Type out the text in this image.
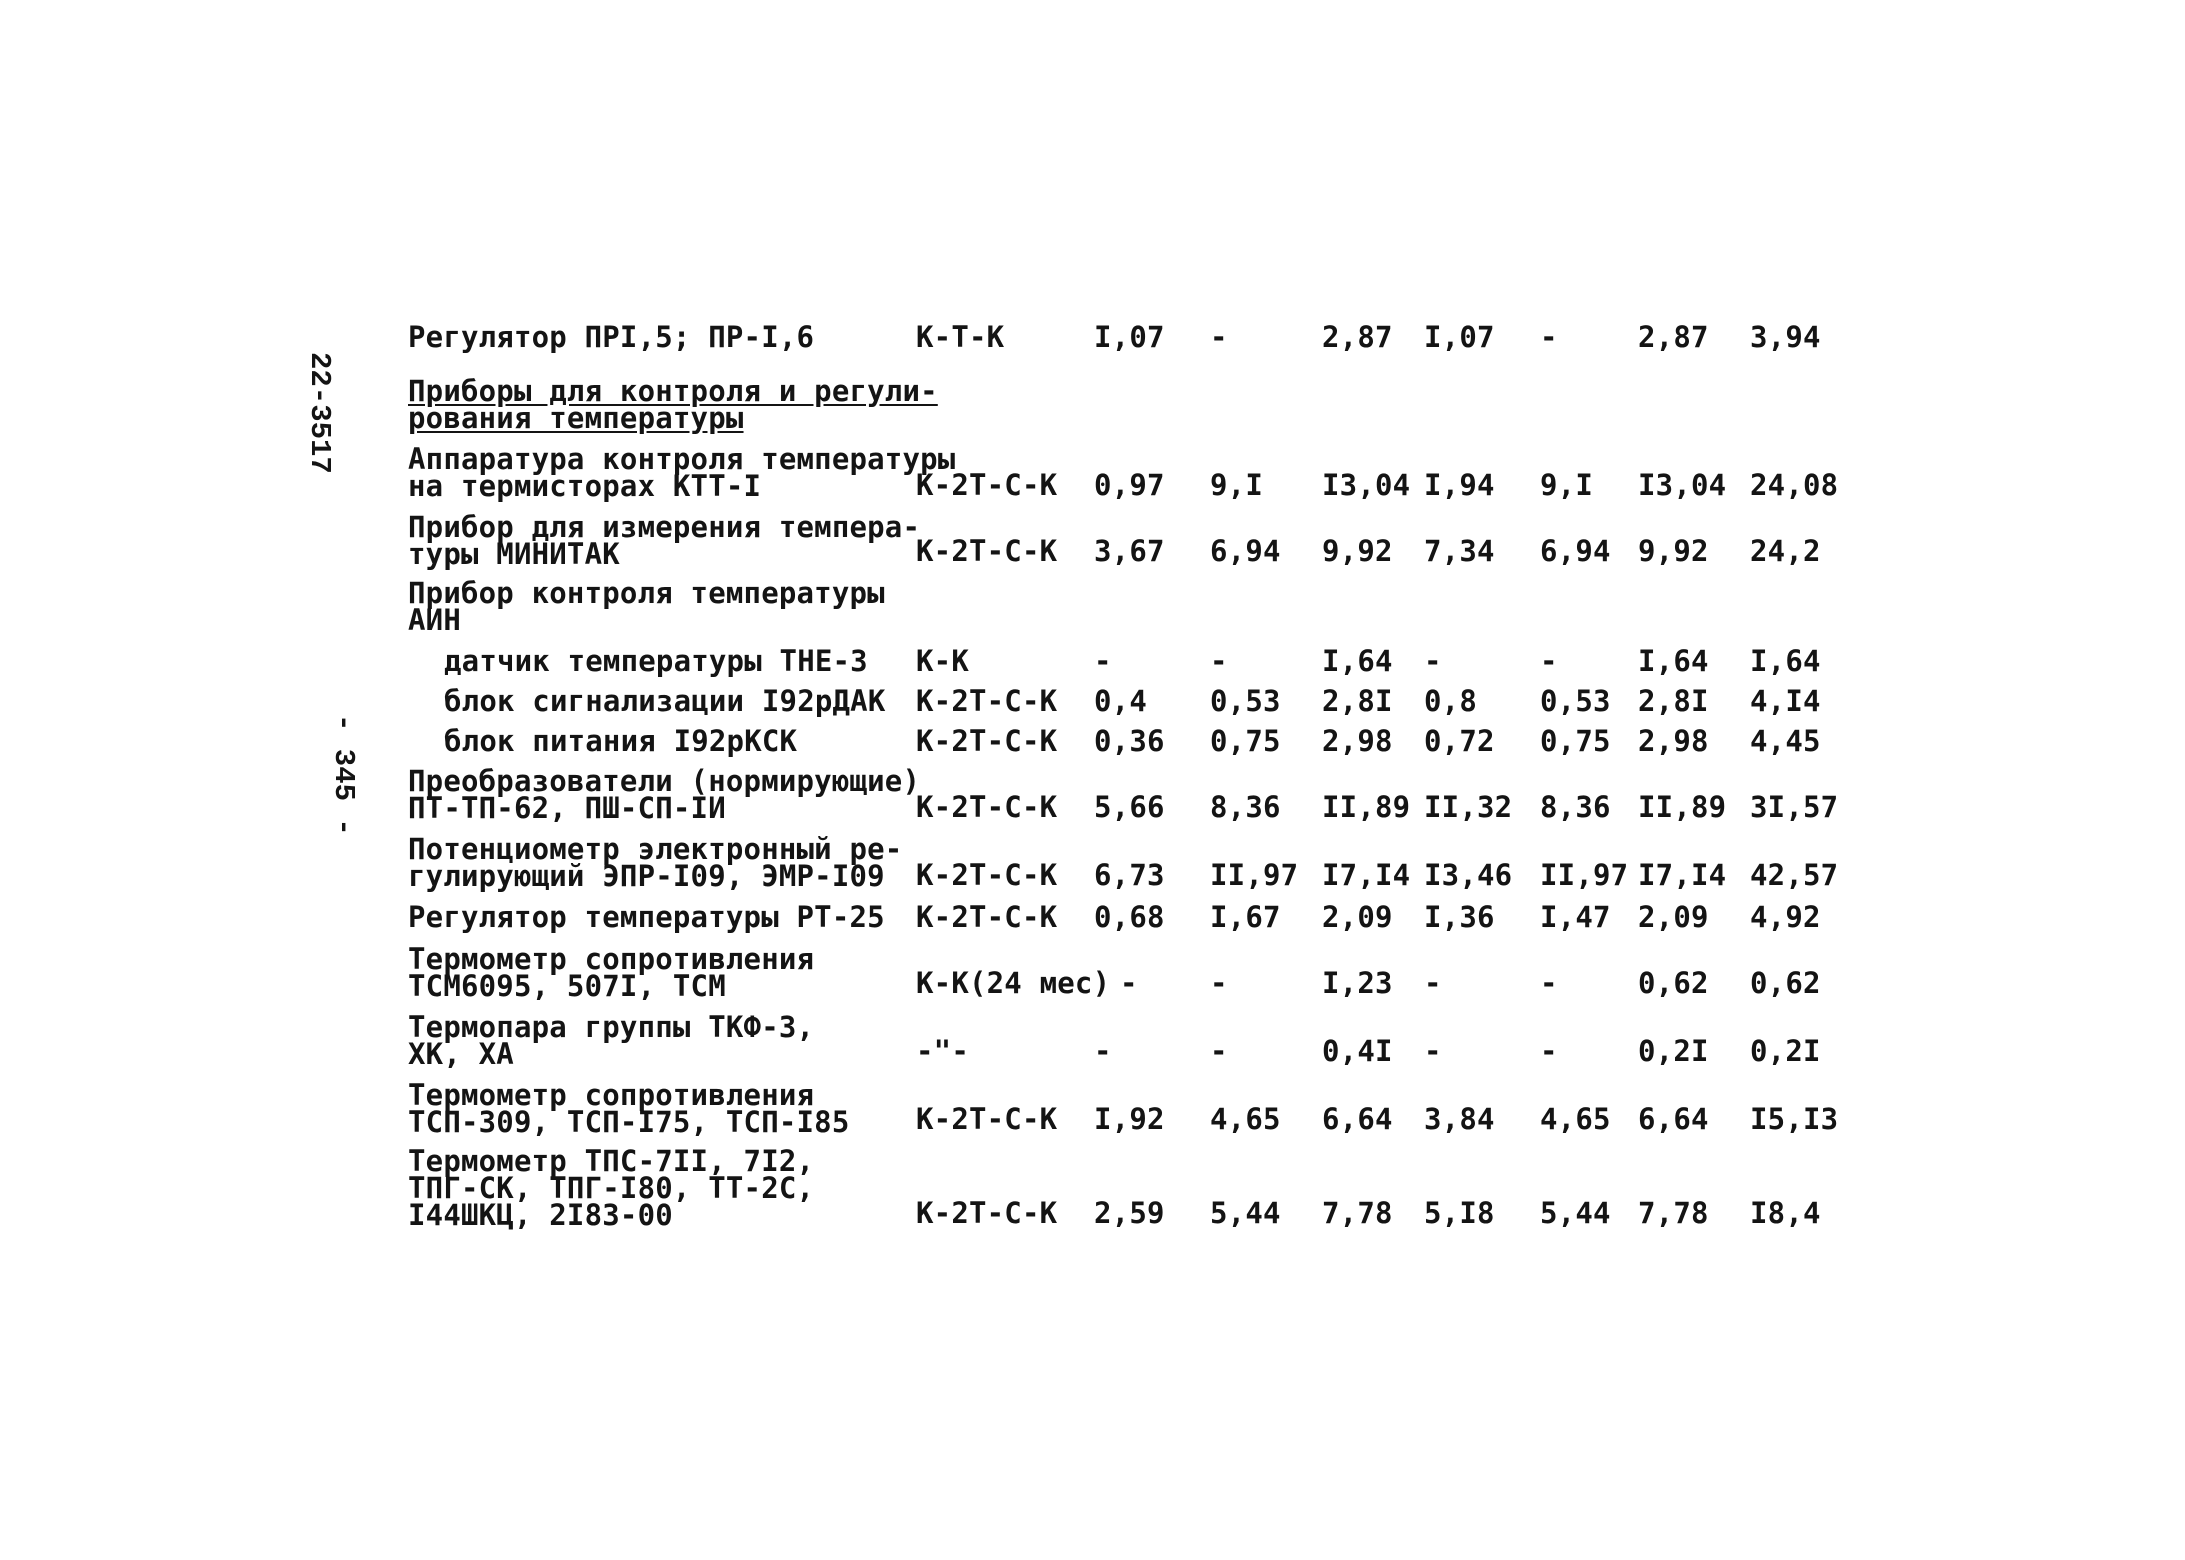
22-3517
- 345 -
Регулятор ПРI,5; ПР-I,6	К-Т-К	I,07 -	2,87 I,07 -	2,87 3,94
Приборы для контроля и регули-
рования температуры
Аппаратура контроля температуры
на термисторах КТТ-I	К-2Т-С-К 0,97 9,I I3,04 I,94 9,I I3,04 24,08
Прибор для измерения темпера-
туры МИНИТАК	К-2Т-С-К 3,67 6,94 9,92 7,34 6,94 9,92 24,2
Прибор контроля температуры
АИН
датчик температуры ТНЕ-3 К-К	-	-	I,64 -	-	I,64 I,64
блок сигнализации I92рДАК К-2Т-С-К 0,4 0,53 2,8I 0,8 0,53 2,8I 4,I4
блок питания I92рКСК	К-2Т-С-К 0,36 0,75 2,98 0,72 0,75 2,98 4,45
Преобразователи (нормирующие)
ПТ-ТП-62, ПШ-СП-IИ	К-2Т-С-К 5,66 8,36 II,89 II,32 8,36 II,89 3I,57
Потенциометр электронный ре-
гулирующий ЭПР-I09, ЭМР-I09	К-2Т-С-К 6,73 II,97 I7,I4 I3,46 II,97 I7,I4 42,57
Регулятор температуры РТ-25 К-2Т-С-К 0,68 I,67 2,09 I,36 I,47 2,09 4,92
Термометр сопротивления
ТСМ6095, 507I, ТСМ	К-К(24 мес) - -	I,23 -	-	0,62 0,62
Термопара группы ТКФ-3,
ХК, ХА	-"-	-	-	0,4I -	-	0,2I 0,2I
Термометр сопротивления
ТСП-309, ТСП-I75, ТСП-I85 К-2Т-С-К I,92 4,65 6,64 3,84 4,65 6,64 I5,I3
Термометр ТПС-7II, 7I2,
ТПГ-СК, ТПГ-I80, ТТ-2С,
I44ШКЦ, 2I83-00	К-2Т-С-К 2,59 5,44 7,78 5,I8 5,44 7,78 I8,4
